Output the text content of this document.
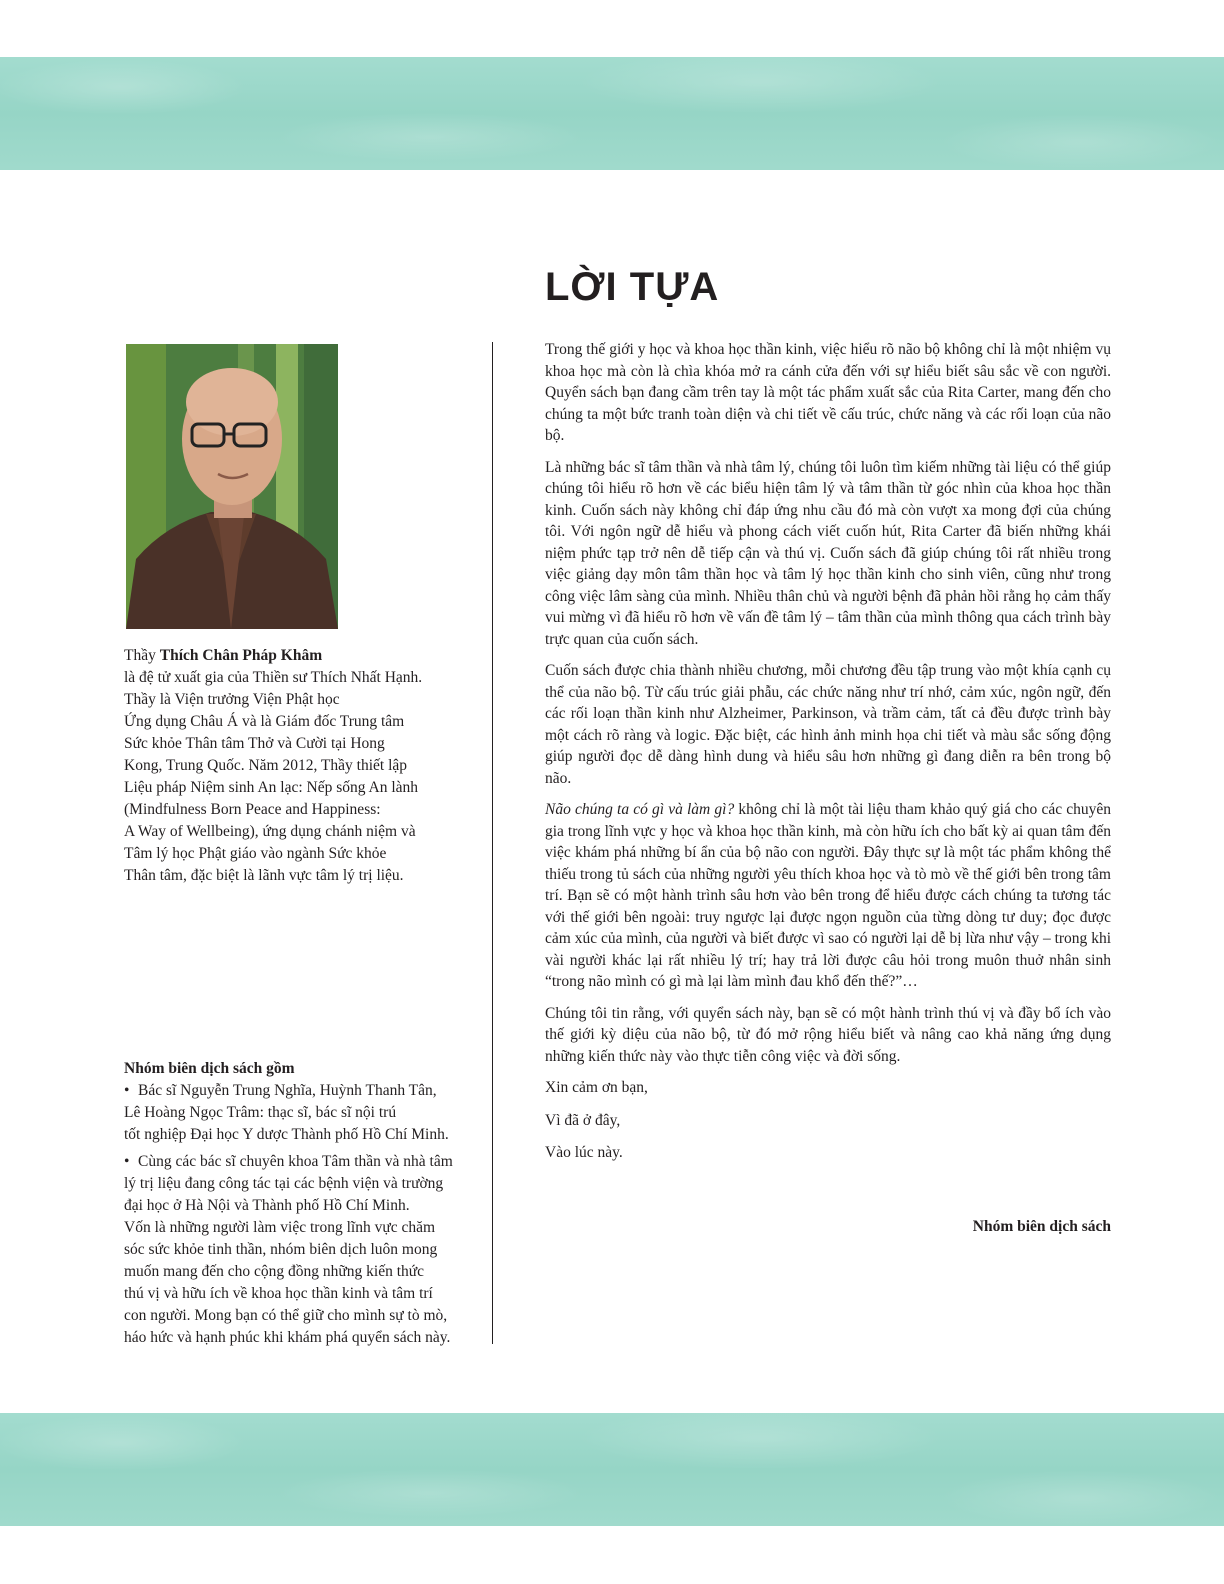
LỜI TỰA

Thầy Thích Chân Pháp Khâm

là đệ tử xuất gia của Thiền sư Thích Nhất Hạnh.

Thầy là Viện trưởng Viện Phật học

Ứng dụng Châu Á và là Giám đốc Trung tâm

Sức khỏe Thân tâm Thở và Cười tại Hong

Kong, Trung Quốc. Năm 2012, Thầy thiết lập

Liệu pháp Niệm sinh An lạc: Nếp sống An lành

(Mindfulness Born Peace and Happiness:

A Way of Wellbeing), ứng dụng chánh niệm và

Tâm lý học Phật giáo vào ngành Sức khỏe

Thân tâm, đặc biệt là lãnh vực tâm lý trị liệu.

Nhóm biên dịch sách gồm

• Bác sĩ Nguyễn Trung Nghĩa, Huỳnh Thanh Tân,

Lê Hoàng Ngọc Trâm: thạc sĩ, bác sĩ nội trú

tốt nghiệp Đại học Y dược Thành phố Hồ Chí Minh.

• Cùng các bác sĩ chuyên khoa Tâm thần và nhà tâm

lý trị liệu đang công tác tại các bệnh viện và trường

đại học ở Hà Nội và Thành phố Hồ Chí Minh.

Vốn là những người làm việc trong lĩnh vực chăm

sóc sức khỏe tinh thần, nhóm biên dịch luôn mong

muốn mang đến cho cộng đồng những kiến thức

thú vị và hữu ích về khoa học thần kinh và tâm trí

con người. Mong bạn có thể giữ cho mình sự tò mò,

háo hức và hạnh phúc khi khám phá quyển sách này.

Trong thế giới y học và khoa học thần kinh, việc hiểu rõ não bộ không chỉ là một nhiệm vụ khoa học mà còn là chìa khóa mở ra cánh cửa đến với sự hiểu biết sâu sắc về con người. Quyển sách bạn đang cầm trên tay là một tác phẩm xuất sắc của Rita Carter, mang đến cho chúng ta một bức tranh toàn diện và chi tiết về cấu trúc, chức năng và các rối loạn của não bộ.

Là những bác sĩ tâm thần và nhà tâm lý, chúng tôi luôn tìm kiếm những tài liệu có thể giúp chúng tôi hiểu rõ hơn về các biểu hiện tâm lý và tâm thần từ góc nhìn của khoa học thần kinh. Cuốn sách này không chỉ đáp ứng nhu cầu đó mà còn vượt xa mong đợi của chúng tôi. Với ngôn ngữ dễ hiểu và phong cách viết cuốn hút, Rita Carter đã biến những khái niệm phức tạp trở nên dễ tiếp cận và thú vị. Cuốn sách đã giúp chúng tôi rất nhiều trong việc giảng dạy môn tâm thần học và tâm lý học thần kinh cho sinh viên, cũng như trong công việc lâm sàng của mình. Nhiều thân chủ và người bệnh đã phản hồi rằng họ cảm thấy vui mừng vì đã hiểu rõ hơn về vấn đề tâm lý – tâm thần của mình thông qua cách trình bày trực quan của cuốn sách.

Cuốn sách được chia thành nhiều chương, mỗi chương đều tập trung vào một khía cạnh cụ thể của não bộ. Từ cấu trúc giải phẫu, các chức năng như trí nhớ, cảm xúc, ngôn ngữ, đến các rối loạn thần kinh như Alzheimer, Parkinson, và trầm cảm, tất cả đều được trình bày một cách rõ ràng và logic. Đặc biệt, các hình ảnh minh họa chi tiết và màu sắc sống động giúp người đọc dễ dàng hình dung và hiểu sâu hơn những gì đang diễn ra bên trong bộ não.

Não chúng ta có gì và làm gì? không chỉ là một tài liệu tham khảo quý giá cho các chuyên gia trong lĩnh vực y học và khoa học thần kinh, mà còn hữu ích cho bất kỳ ai quan tâm đến việc khám phá những bí ẩn của bộ não con người. Đây thực sự là một tác phẩm không thể thiếu trong tủ sách của những người yêu thích khoa học và tò mò về thế giới bên trong tâm trí. Bạn sẽ có một hành trình sâu hơn vào bên trong để hiểu được cách chúng ta tương tác với thế giới bên ngoài: truy ngược lại được ngọn nguồn của từng dòng tư duy; đọc được cảm xúc của mình, của người và biết được vì sao có người lại dễ bị lừa như vậy – trong khi vài người khác lại rất nhiều lý trí; hay trả lời được câu hỏi trong muôn thuở nhân sinh “trong não mình có gì mà lại làm mình đau khổ đến thế?”…

Chúng tôi tin rằng, với quyển sách này, bạn sẽ có một hành trình thú vị và đầy bổ ích vào thế giới kỳ diệu của não bộ, từ đó mở rộng hiểu biết và nâng cao khả năng ứng dụng những kiến thức này vào thực tiễn công việc và đời sống.

Xin cảm ơn bạn,

Vì đã ở đây,

Vào lúc này.

Nhóm biên dịch sách
